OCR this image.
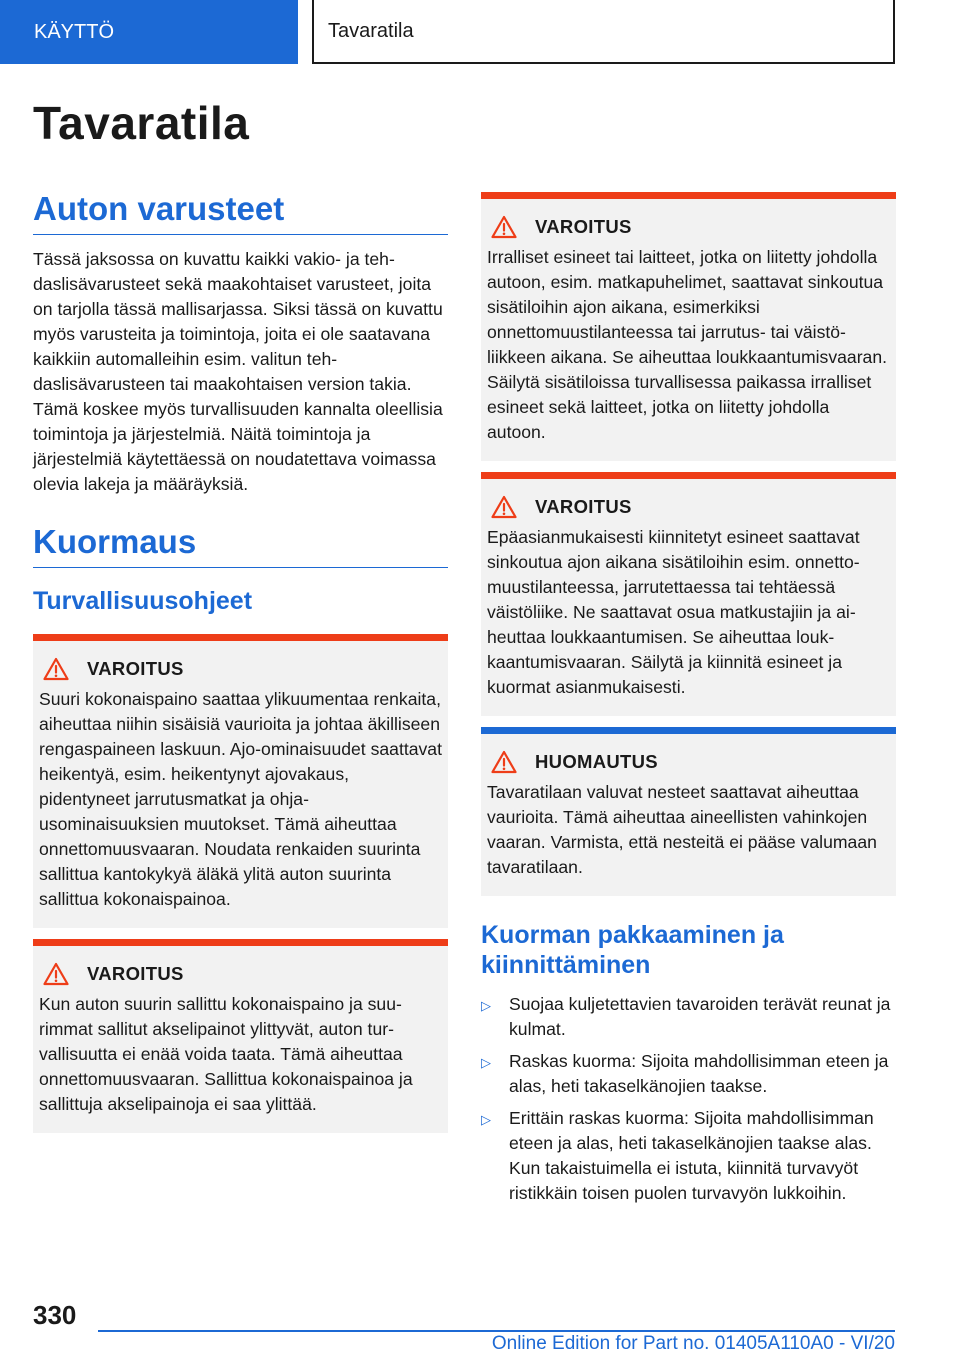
KÄYTTÖ	Tavaratila
Tavaratila
Auton varusteet

Tässä jaksossa on kuvattu kaikki vakio- ja tehdaslisävarusteet sekä maakohtaiset varusteet, joita on tarjolla tässä mallisarjassa. Siksi tässä on kuvattu myös varusteita ja toimintoja, joita ei ole saatavana kaikkiin automalleihin esim. valitun tehdaslisävarusteen tai maakohtaisen version takia. Tämä koskee myös turvallisuuden kannalta oleellisia toimintoja ja järjestelmiä. Näitä toimintoja ja järjestelmiä käytettäessä on noudatettava voimassa olevia lakeja ja määräyksiä.

Kuormaus
Turvallisuusohjeet
VAROITUS

Suuri kokonaispaino saattaa ylikuumentaa renkaita, aiheuttaa niihin sisäisiä vaurioita ja johtaa äkilliseen rengaspaineen laskuun. Ajo-ominaisuudet saattavat heikentyä, esim. heikentynyt ajovakaus, pidentyneet jarrutusmatkat ja ohjausominaisuuksien muutokset. Tämä aiheuttaa onnettomuusvaaran. Noudata renkaiden suurinta sallittua kantokykyä äläkä ylitä auton suurinta sallittua kokonaispainoa.

VAROITUS

Kun auton suurin sallittu kokonaispaino ja suurimmat sallitut akselipainot ylittyvät, auton turvallisuutta ei enää voida taata. Tämä aiheuttaa onnettomuusvaaran. Sallittua kokonaispainoa ja sallittuja akselipainoja ei saa ylittää.

VAROITUS

Irralliset esineet tai laitteet, jotka on liitetty johdolla autoon, esim. matkapuhelimet, saattavat sinkoutua sisätiloihin ajon aikana, esimerkiksi onnettomuustilanteessa tai jarrutus- tai väistöliikkeen aikana. Se aiheuttaa loukkaantumisvaaran. Säilytä sisätiloissa turvallisessa paikassa irralliset esineet sekä laitteet, jotka on liitetty johdolla autoon.

VAROITUS

Epäasianmukaisesti kiinnitetyt esineet saattavat sinkoutua ajon aikana sisätiloihin esim. onnettomuustilanteessa, jarrutettaessa tai tehtäessä väistöliike. Ne saattavat osua matkustajiin ja aiheuttaa loukkaantumisen. Se aiheuttaa loukkaantumisvaaran. Säilytä ja kiinnitä esineet ja kuormat asianmukaisesti.

HUOMAUTUS

Tavaratilaan valuvat nesteet saattavat aiheuttaa vaurioita. Tämä aiheuttaa aineellisten vahinkojen vaaran. Varmista, että nesteitä ei pääse valumaan tavaratilaan.

Kuorman pakkaaminen ja kiinnittäminen
▷	Suojaa kuljetettavien tavaroiden terävät reunat ja kulmat.
▷	Raskas kuorma: Sijoita mahdollisimman eteen ja alas, heti takaselkänojien taakse.
▷	Erittäin raskas kuorma: Sijoita mahdollisimman eteen ja alas, heti takaselkänojien taakse alas. Kun takaistuimella ei istuta, kiinnitä turvavyöt ristikkäin toisen puolen turvavyön lukkoihin.
330
Online Edition for Part no. 01405A110A0 - VI/20
